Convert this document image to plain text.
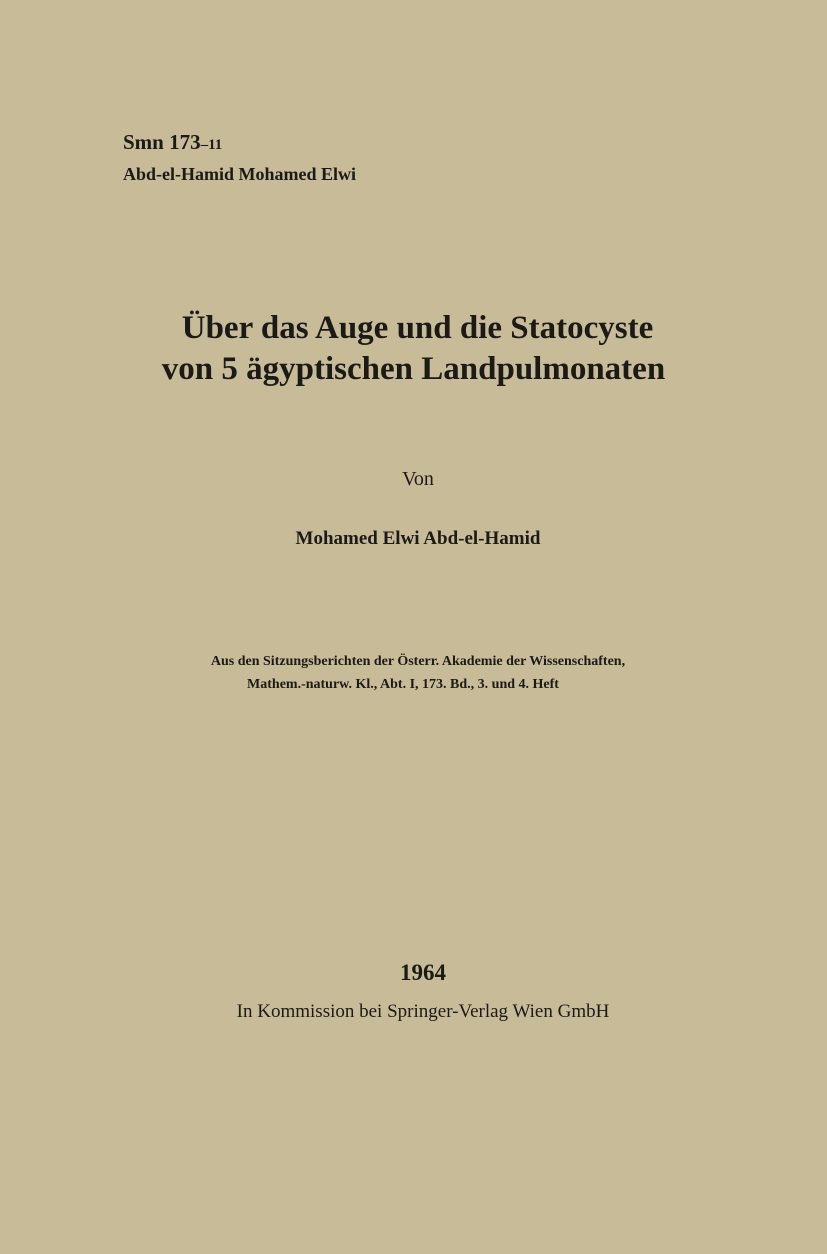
Smn 173–11
Abd-el-Hamid Mohamed Elwi
Über das Auge und die Statocyste
von 5 ägyptischen Landpulmonaten
Von
Mohamed Elwi Abd-el-Hamid
Aus den Sitzungsberichten der Österr. Akademie der Wissenschaften,
Mathem.-naturw. Kl., Abt. I, 173. Bd., 3. und 4. Heft
1964
In Kommission bei Springer-Verlag Wien GmbH
